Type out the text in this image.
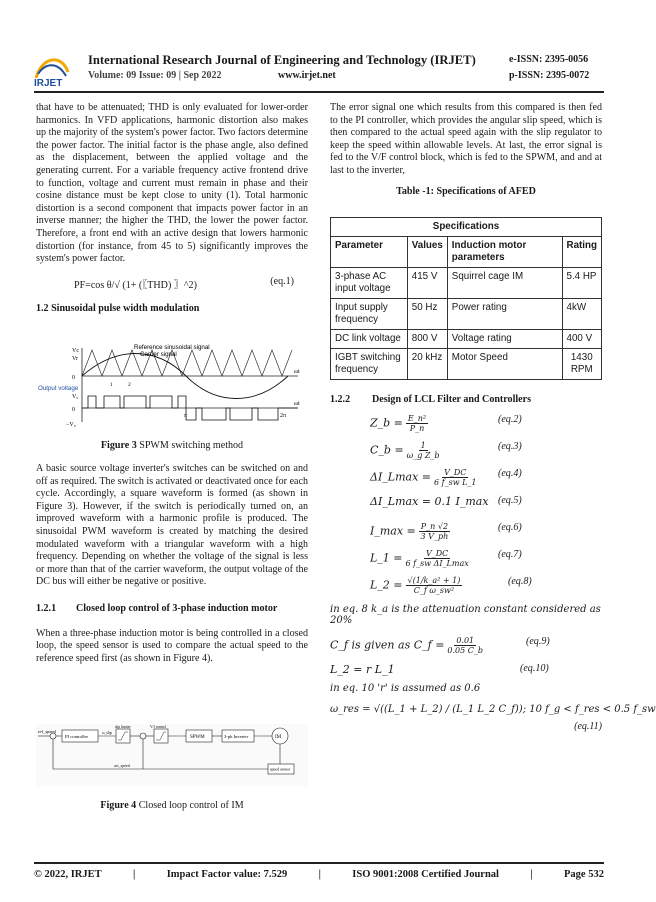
IRJET
International Research Journal of Engineering and Technology (IRJET)
Volume: 09 Issue: 09 | Sep 2022	www.irjet.net
e-ISSN: 2395-0056
p-ISSN: 2395-0072

that have to be attenuated; THD is only evaluated for lower-order harmonics. In VFD applications, harmonic distortion also makes up the majority of the system's power factor. Two factors determine the power factor. The initial factor is the phase angle, also defined as the displacement, between the applied voltage and the generating current. For a variable frequency active frontend drive to function, voltage and current must remain in phase and their cosine distance must be kept close to unity (1). Total harmonic distortion is a second component that impacts power factor in an inverse manner; the higher the THD, the lower the power factor. Therefore, a front end with an active design that lowers harmonic distortion (for instance, from 45 to 5) significantly improves the system's power factor.

PF=cos θ/√ (1+ (〖THD) 〗^2)	(eq.1)
1.2 Sinusoidal pulse width modulation
Reference sinusoidal signal
Carrier signal
Vc
Vr
0
Output voltage
V₀
0
−V₀
ωt
ωt
π	2π
1	2

Figure 3 SPWM switching method

A basic source voltage inverter's switches can be switched on and off as required. The switch is activated or deactivated once for each cycle. Accordingly, a square waveform is formed (as shown in Figure 3). However, if the switch is periodically turned on, an improved waveform with a harmonic profile is produced. The sinusoidal PWM waveform is created by matching the desired modulated waveform with a triangular waveform with a high frequency. Depending on whether the voltage of the signal is less or more than that of the carrier waveform, the output voltage of the DC bus will either be negative or positive.

1.2.1	Closed loop control of 3-phase induction motor

When a three-phase induction motor is being controlled in a closed loop, the speed sensor is used to compare the actual speed to the reference speed first (as shown in Figure 4).

ref_speed
PI controller
ω_slip
slip limiter	V/f control
SPWM	3-ph Inverter	IM
speed sensor
act_speed

Figure 4 Closed loop control of IM

The error signal one which results from this compared is then fed to the PI controller, which provides the angular slip speed, which is then compared to the actual speed again with the slip regulator to keep the speed within allowable levels. At last, the error signal is fed to the V/F control block, which is fed to the SPWM, and and at last to the inverter,

Table -1: Specifications of AFED
Specifications			
Parameter	Values	Induction motor parameters	Rating
3-phase AC input voltage	415 V	Squirrel cage IM	5.4 HP
Input supply frequency	50 Hz	Power rating	4kW
DC link voltage	800 V	Voltage rating	400 V
IGBT switching frequency	20 kHz	Motor Speed	1430 RPM
1.2.2	Design of LCL Filter and Controllers
Z_b = $\frac{\text{E\_n²}}{P\_n}$	(eq.2)
C_b = $\frac{1}{\text{ω\_g Z\_b}}$	(eq.3)
ΔI_Lmax = $\frac{V\_DC}{\text{6 f\_sw L\_1}} (eq.4)$
ΔI_Lmax = 0.1 I_max (eq.5)
I_max = $\frac{P\_n √2}{3 V\_ph}$	(eq.6)
L_1 = $\frac{V\_DC}{\text{6 f\_sw ΔI\_Lmax}}$	(eq.7)
L_2 = $\frac{\text{√(1/k\_a² + 1)}}{\text{C\_f ω\_sw²}}$	(eq.8)

in eq. 8 k_a is the attenuation constant considered as 20%

C_f is given as C_f = $\frac{0.01}{0.05 C\_b}$	(eq.9)
L_2 = r L_1	(eq.10)

in eq. 10 'r' is assumed as 0.6

ω_res = √((L_1 + L_2) / (L_1 L_2 C_f)); 10 f_g < f_res < 0.5 f_sw
(eq.11)
© 2022, IRJET	|	Impact Factor value: 7.529	|	ISO 9001:2008 Certified Journal	|	Page 532
